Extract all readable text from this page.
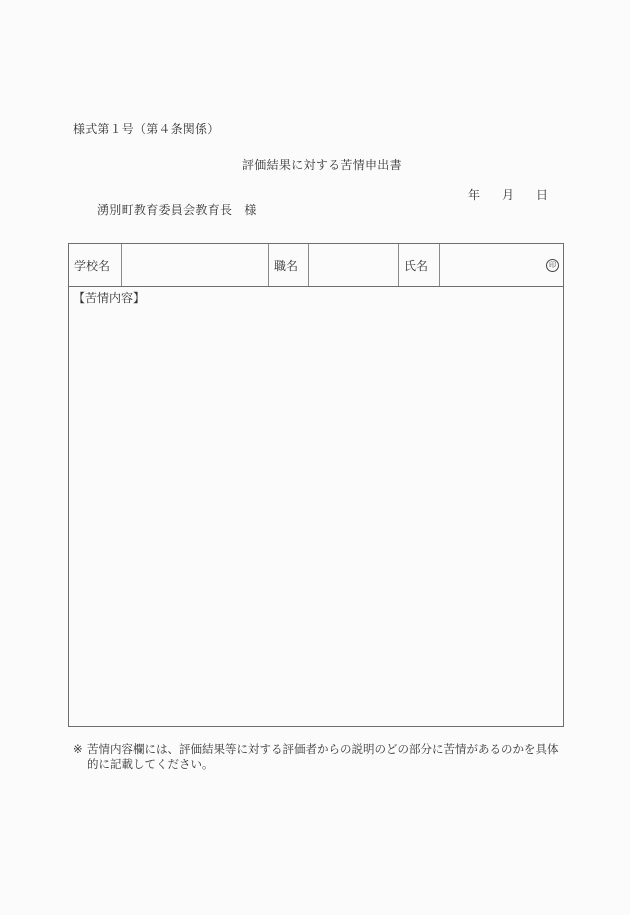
様式第１号（第４条関係）
評価結果に対する苦情申出書
年 月 日
湧別町教育委員会教育長 様
学校名	職名	氏名	印
【苦情内容】
※ 苦情内容欄には、評価結果等に対する評価者からの説明のどの部分に苦情があるのかを具体的に記載してください。
